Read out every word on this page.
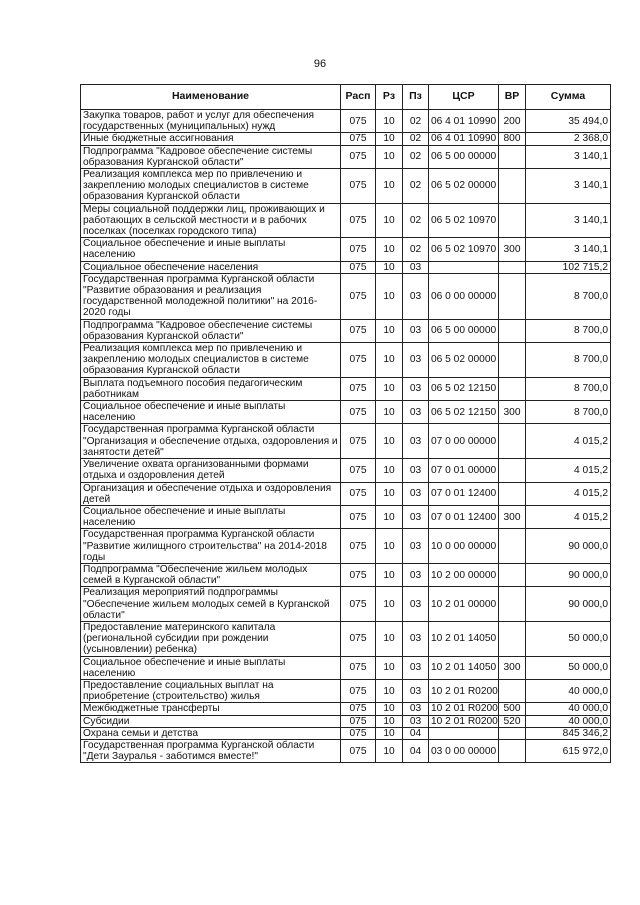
96
Наименование	Расп	Рз	Пз	ЦСР	ВР	Сумма
Закупка товаров, работ и услуг для обеспечения государственных (муниципальных) нужд	075	10	02	06 4 01 10990	200	35 494,0
Иные бюджетные ассигнования	075	10	02	06 4 01 10990	800	2 368,0
Подпрограмма "Кадровое обеспечение системы образования Курганской области"	075	10	02	06 5 00 00000		3 140,1
Реализация комплекса мер по привлечению и закреплению молодых специалистов в системе образования Курганской области	075	10	02	06 5 02 00000		3 140,1
Меры социальной поддержки лиц, проживающих и работающих в сельской местности и в рабочих поселках (поселках городского типа)	075	10	02	06 5 02 10970		3 140,1
Социальное обеспечение и иные выплаты населению	075	10	02	06 5 02 10970	300	3 140,1
Социальное обеспечение населения	075	10	03			102 715,2
Государственная программа Курганской области "Развитие образования и реализация государственной молодежной политики" на 2016-2020 годы	075	10	03	06 0 00 00000		8 700,0
Подпрограмма "Кадровое обеспечение системы образования Курганской области"	075	10	03	06 5 00 00000		8 700,0
Реализация комплекса мер по привлечению и закреплению молодых специалистов в системе образования Курганской области	075	10	03	06 5 02 00000		8 700,0
Выплата подъемного пособия педагогическим работникам	075	10	03	06 5 02 12150		8 700,0
Социальное обеспечение и иные выплаты населению	075	10	03	06 5 02 12150	300	8 700,0
Государственная программа Курганской области "Организация и обеспечение отдыха, оздоровления и занятости детей"	075	10	03	07 0 00 00000		4 015,2
Увеличение охвата организованными формами отдыха и оздоровления детей	075	10	03	07 0 01 00000		4 015,2
Организация и обеспечение отдыха и оздоровления детей	075	10	03	07 0 01 12400		4 015,2
Социальное обеспечение и иные выплаты населению	075	10	03	07 0 01 12400	300	4 015,2
Государственная программа Курганской области "Развитие жилищного строительства" на 2014-2018 годы	075	10	03	10 0 00 00000		90 000,0
Подпрограмма "Обеспечение жильем молодых семей в Курганской области"	075	10	03	10 2 00 00000		90 000,0
Реализация мероприятий подпрограммы "Обеспечение жильем молодых семей в Курганской области"	075	10	03	10 2 01 00000		90 000,0
Предоставление материнского капитала (региональной субсидии при рождении (усыновлении) ребенка)	075	10	03	10 2 01 14050		50 000,0
Социальное обеспечение и иные выплаты населению	075	10	03	10 2 01 14050	300	50 000,0
Предоставление социальных выплат на приобретение (строительство) жилья	075	10	03	10 2 01 R0200		40 000,0
Межбюджетные трансферты	075	10	03	10 2 01 R0200	500	40 000,0
Субсидии	075	10	03	10 2 01 R0200	520	40 000,0
Охрана семьи и детства	075	10	04			845 346,2
Государственная программа Курганской области "Дети Зауралья - заботимся вместе!"	075	10	04	03 0 00 00000		615 972,0
